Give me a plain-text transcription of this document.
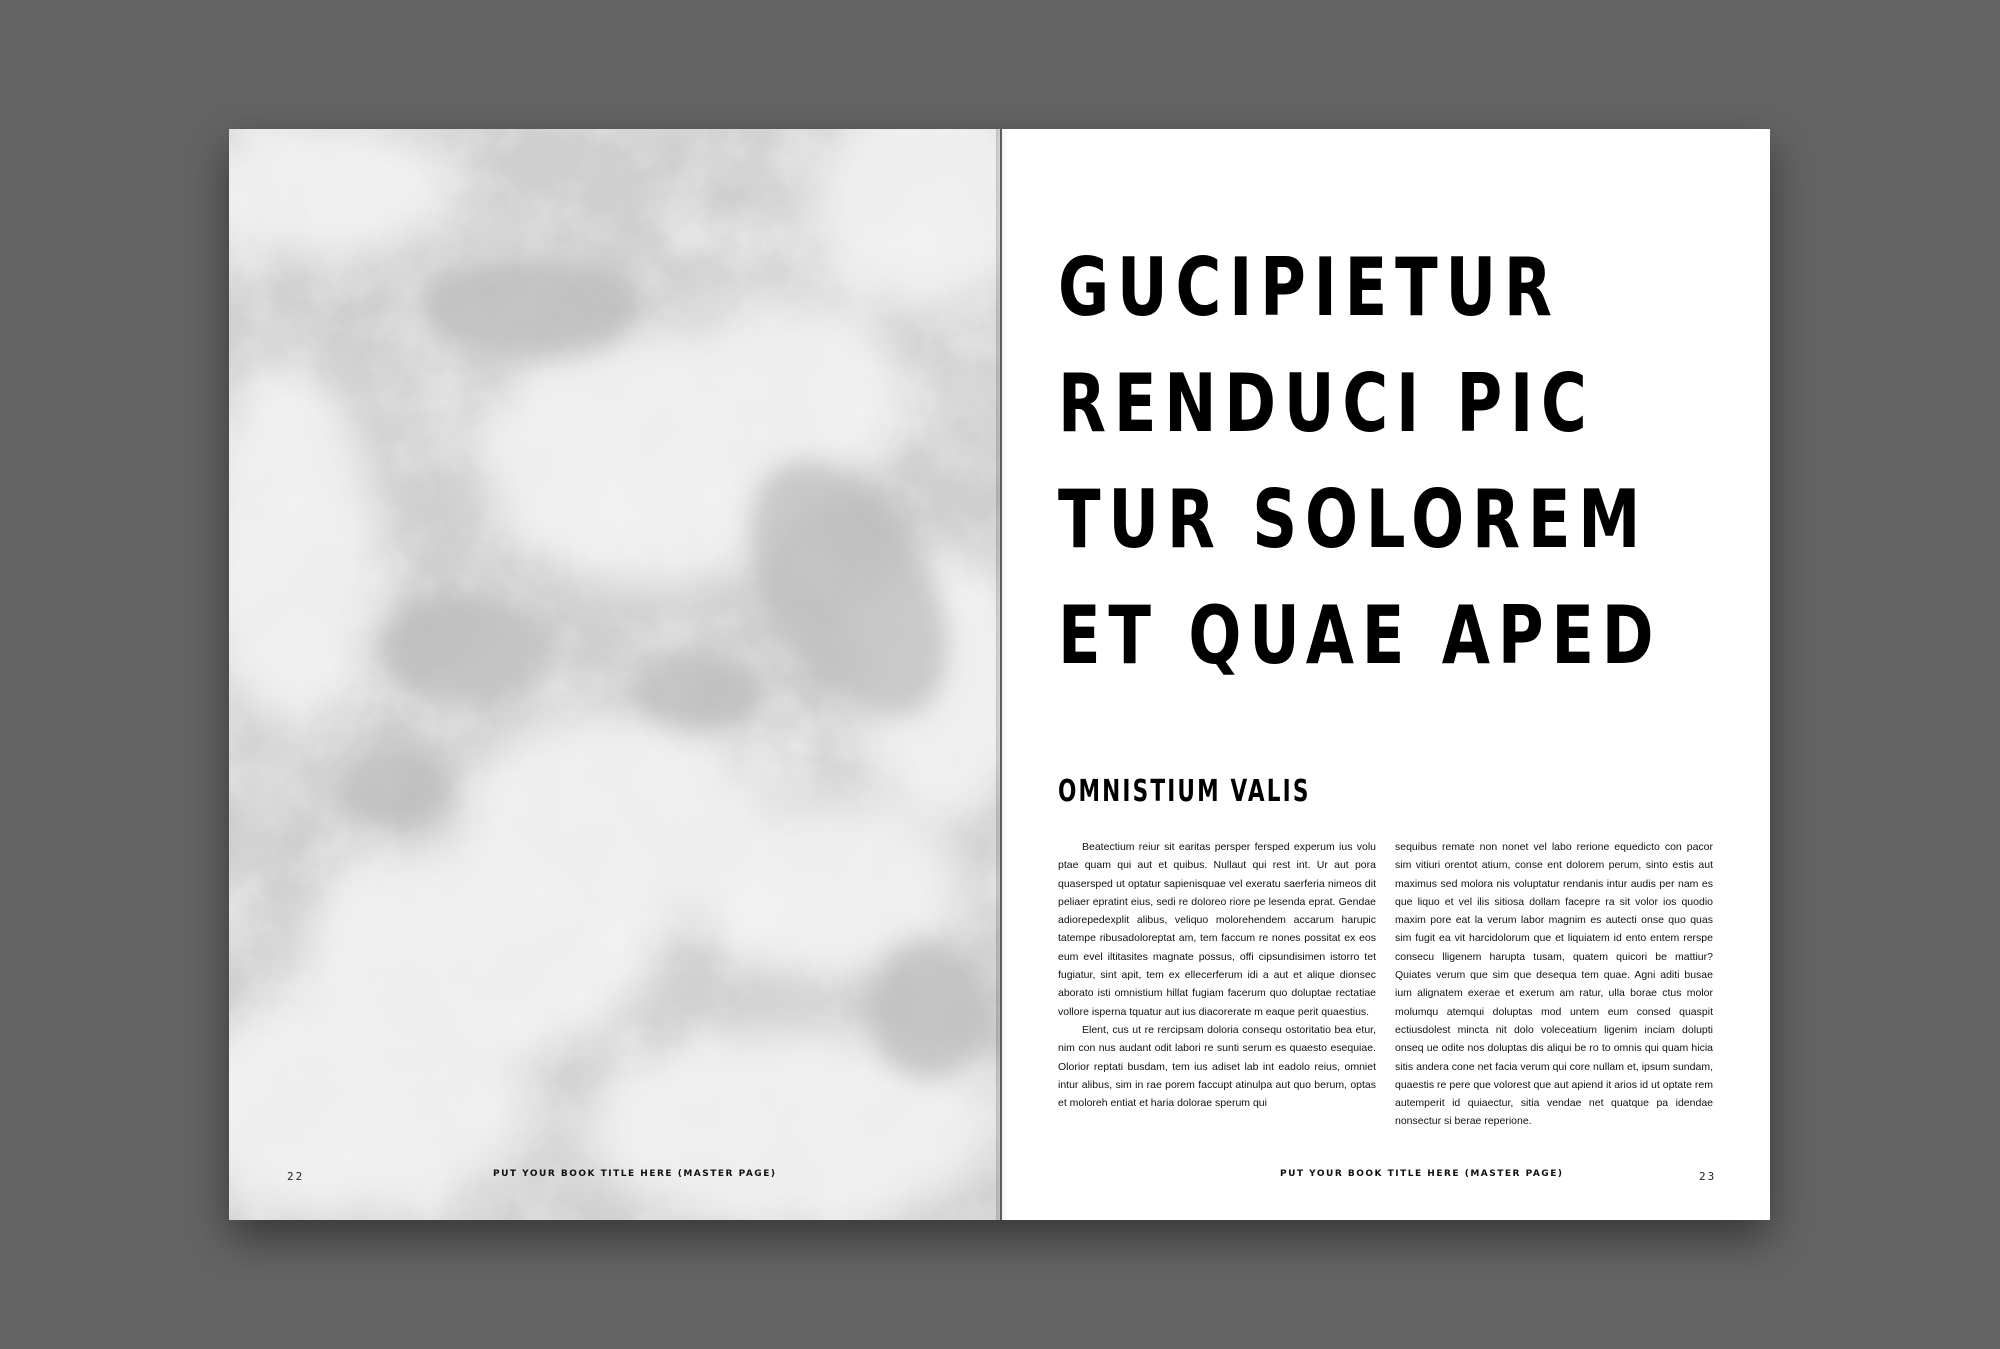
22	PUT YOUR BOOK TITLE HERE (MASTER PAGE)	PUT YOUR BOOK TITLE HERE (MASTER PAGE)	23
GUCIPIETUR
RENDUCI PIC
TUR SOLOREM
ET QUAE APED
OMNISTIUM VALIS

Beatectium reiur sit earitas persper fersped experum ius volu ptae quam qui aut et quibus. Nullaut qui rest int. Ur aut pora quasersped ut optatur sapienisquae vel exeratu saerferia nimeos dit peliaer epratint eius, sedi re doloreo riore pe lesenda eprat. Gendae adiorepedexplit alibus, veliquo molorehendem accarum harupic tatempe ribusadoloreptat am, tem faccum re nones possitat ex eos eum evel iltitasites magnate possus, offi cipsundisimen istorro tet fugiatur, sint apit, tem ex ellecerferum idi a aut et alique dionsec aborato isti omnistium hillat fugiam facerum quo doluptae rectatiae vollore isperna tquatur aut ius diacorerate m eaque perit quaestius.

Elent, cus ut re rercipsam doloria consequ ostoritatio bea etur, nim con nus audant odit labori re sunti serum es quaesto esequiae. Olorior reptati busdam, tem ius adiset lab int eadolo reius, omniet intur alibus, sim in rae porem faccupt atinulpa aut quo berum, optas et moloreh entiat et haria dolorae sperum qui

sequibus remate non nonet vel labo rerione equedicto con pacor sim vitiuri orentot atium, conse ent dolorem perum, sinto estis aut maximus sed molora nis voluptatur rendanis intur audis per nam es que liquo et vel ilis sitiosa dollam facepre ra sit volor ios quodio maxim pore eat la verum labor magnim es autecti onse quo quas sim fugit ea vit harcidolorum que et liquiatem id ento entem rerspe consecu lligenem harupta tusam, quatem quicori be mattiur? Quiates verum que sim que desequa tem quae. Agni aditi busae ium alignatem exerae et exerum am ratur, ulla borae ctus molor molumqu atemqui doluptas mod untem eum consed quaspit ectiusdolest mincta nit dolo voleceatium ligenim inciam dolupti onseq ue odite nos doluptas dis aliqui be ro to omnis qui quam hicia sitis andera cone net facia verum qui core nullam et, ipsum sundam, quaestis re pere que volorest que aut apiend it arios id ut optate rem autemperit id quiaectur, sitia vendae net quatque pa idendae nonsectur si berae reperione.
